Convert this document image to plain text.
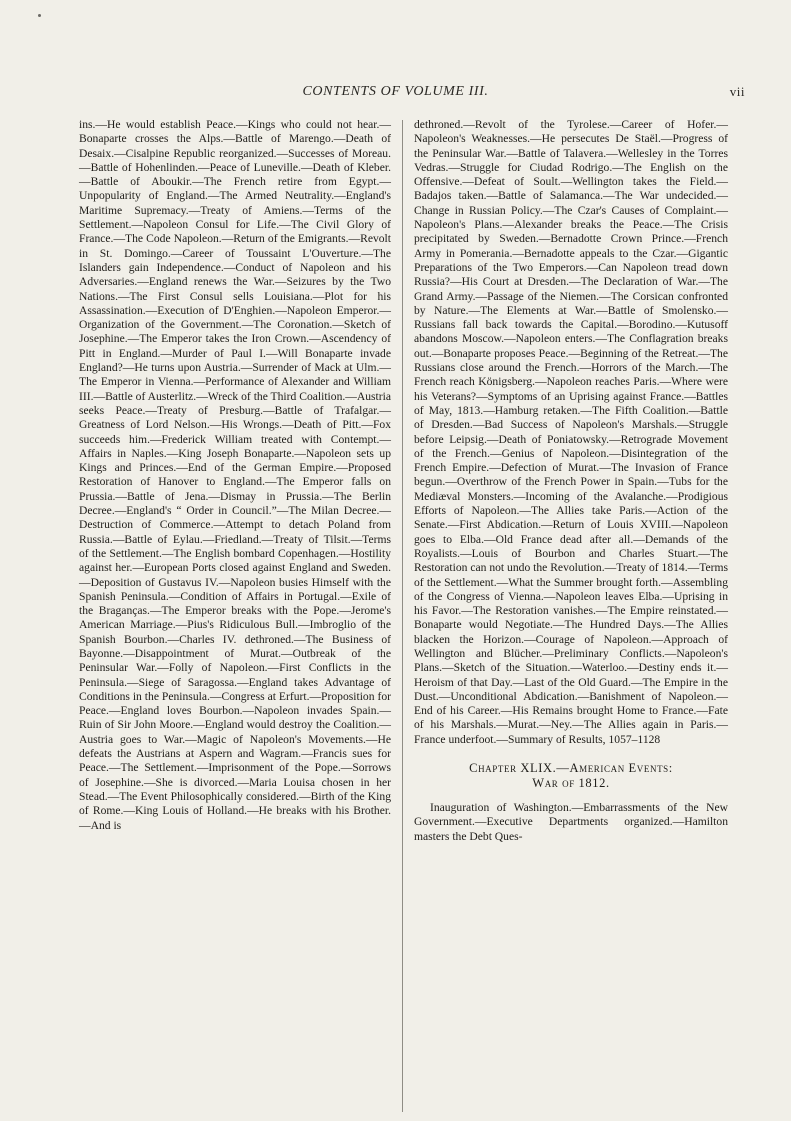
CONTENTS OF VOLUME III.	vii

ins.—He would establish Peace.—Kings who could not hear.—Bonaparte crosses the Alps.—Battle of Marengo.—Death of Desaix.—Cisalpine Republic reorganized.—Successes of Moreau.—Battle of Hohenlinden.—Peace of Luneville.—Death of Kleber.—Battle of Aboukir.—The French retire from Egypt.—Unpopularity of England.—The Armed Neutrality.—England's Maritime Supremacy.—Treaty of Amiens.—Terms of the Settlement.—Napoleon Consul for Life.—The Civil Glory of France.—The Code Napoleon.—Return of the Emigrants.—Revolt in St. Domingo.—Career of Toussaint L'Ouverture.—The Islanders gain Independence.—Conduct of Napoleon and his Adversaries.—England renews the War.—Seizures by the Two Nations.—The First Consul sells Louisiana.—Plot for his Assassination.—Execution of D'Enghien.—Napoleon Emperor.—Organization of the Government.—The Coronation.—Sketch of Josephine.—The Emperor takes the Iron Crown.—Ascendency of Pitt in England.—Murder of Paul I.—Will Bonaparte invade England?—He turns upon Austria.—Surrender of Mack at Ulm.—The Emperor in Vienna.—Performance of Alexander and William III.—Battle of Austerlitz.—Wreck of the Third Coalition.—Austria seeks Peace.—Treaty of Presburg.—Battle of Trafalgar.—Greatness of Lord Nelson.—His Wrongs.—Death of Pitt.—Fox succeeds him.—Frederick William treated with Contempt.—Affairs in Naples.—King Joseph Bonaparte.—Napoleon sets up Kings and Princes.—End of the German Empire.—Proposed Restoration of Hanover to England.—The Emperor falls on Prussia.—Battle of Jena.—Dismay in Prussia.—The Berlin Decree.—England's “ Order in Council.”—The Milan Decree.—Destruction of Commerce.—Attempt to detach Poland from Russia.—Battle of Eylau.—Friedland.—Treaty of Tilsit.—Terms of the Settlement.—The English bombard Copenhagen.—Hostility against her.—European Ports closed against England and Sweden.—Deposition of Gustavus IV.—Napoleon busies Himself with the Spanish Peninsula.—Condition of Affairs in Portugal.—Exile of the Braganças.—The Emperor breaks with the Pope.—Jerome's American Marriage.—Pius's Ridiculous Bull.—Imbroglio of the Spanish Bourbon.—Charles IV. dethroned.—The Business of Bayonne.—Disappointment of Murat.—Outbreak of the Peninsular War.—Folly of Napoleon.—First Conflicts in the Peninsula.—Siege of Saragossa.—England takes Advantage of Conditions in the Peninsula.—Congress at Erfurt.—Proposition for Peace.—England loves Bourbon.—Napoleon invades Spain.—Ruin of Sir John Moore.—England would destroy the Coalition.—Austria goes to War.—Magic of Napoleon's Movements.—He defeats the Austrians at Aspern and Wagram.—Francis sues for Peace.—The Settlement.—Imprisonment of the Pope.—Sorrows of Josephine.—She is divorced.—Maria Louisa chosen in her Stead.—The Event Philosophically considered.—Birth of the King of Rome.—King Louis of Holland.—He breaks with his Brother.—And is

dethroned.—Revolt of the Tyrolese.—Career of Hofer.—Napoleon's Weaknesses.—He persecutes De Staël.—Progress of the Peninsular War.—Battle of Talavera.—Wellesley in the Torres Vedras.—Struggle for Ciudad Rodrigo.—The English on the Offensive.—Defeat of Soult.—Wellington takes the Field.—Badajos taken.—Battle of Salamanca.—The War undecided.—Change in Russian Policy.—The Czar's Causes of Complaint.—Napoleon's Plans.—Alexander breaks the Peace.—The Crisis precipitated by Sweden.—Bernadotte Crown Prince.—French Army in Pomerania.—Bernadotte appeals to the Czar.—Gigantic Preparations of the Two Emperors.—Can Napoleon tread down Russia?—His Court at Dresden.—The Declaration of War.—The Grand Army.—Passage of the Niemen.—The Corsican confronted by Nature.—The Elements at War.—Battle of Smolensko.—Russians fall back towards the Capital.—Borodino.—Kutusoff abandons Moscow.—Napoleon enters.—The Conflagration breaks out.—Bonaparte proposes Peace.—Beginning of the Retreat.—The Russians close around the French.—Horrors of the March.—The French reach Königsberg.—Napoleon reaches Paris.—Where were his Veterans?—Symptoms of an Uprising against France.—Battles of May, 1813.—Hamburg retaken.—The Fifth Coalition.—Battle of Dresden.—Bad Success of Napoleon's Marshals.—Struggle before Leipsig.—Death of Poniatowsky.—Retrograde Movement of the French.—Genius of Napoleon.—Disintegration of the French Empire.—Defection of Murat.—The Invasion of France begun.—Overthrow of the French Power in Spain.—Tubs for the Mediæval Monsters.—Incoming of the Avalanche.—Prodigious Efforts of Napoleon.—The Allies take Paris.—Action of the Senate.—First Abdication.—Return of Louis XVIII.—Napoleon goes to Elba.—Old France dead after all.—Demands of the Royalists.—Louis of Bourbon and Charles Stuart.—The Restoration can not undo the Revolution.—Treaty of 1814.—Terms of the Settlement.—What the Summer brought forth.—Assembling of the Congress of Vienna.—Napoleon leaves Elba.—Uprising in his Favor.—The Restoration vanishes.—The Empire reinstated.—Bonaparte would Negotiate.—The Hundred Days.—The Allies blacken the Horizon.—Courage of Napoleon.—Approach of Wellington and Blücher.—Preliminary Conflicts.—Napoleon's Plans.—Sketch of the Situation.—Waterloo.—Destiny ends it.—Heroism of that Day.—Last of the Old Guard.—The Empire in the Dust.—Unconditional Abdication.—Banishment of Napoleon.—End of his Career.—His Remains brought Home to France.—Fate of his Marshals.—Murat.—Ney.—The Allies again in Paris.—France underfoot.—Summary of Results, 1057–1128

Chapter XLIX.—American Events:
War of 1812.

Inauguration of Washington.—Embarrassments of the New Government.—Executive Departments organized.—Hamilton masters the Debt Ques-
